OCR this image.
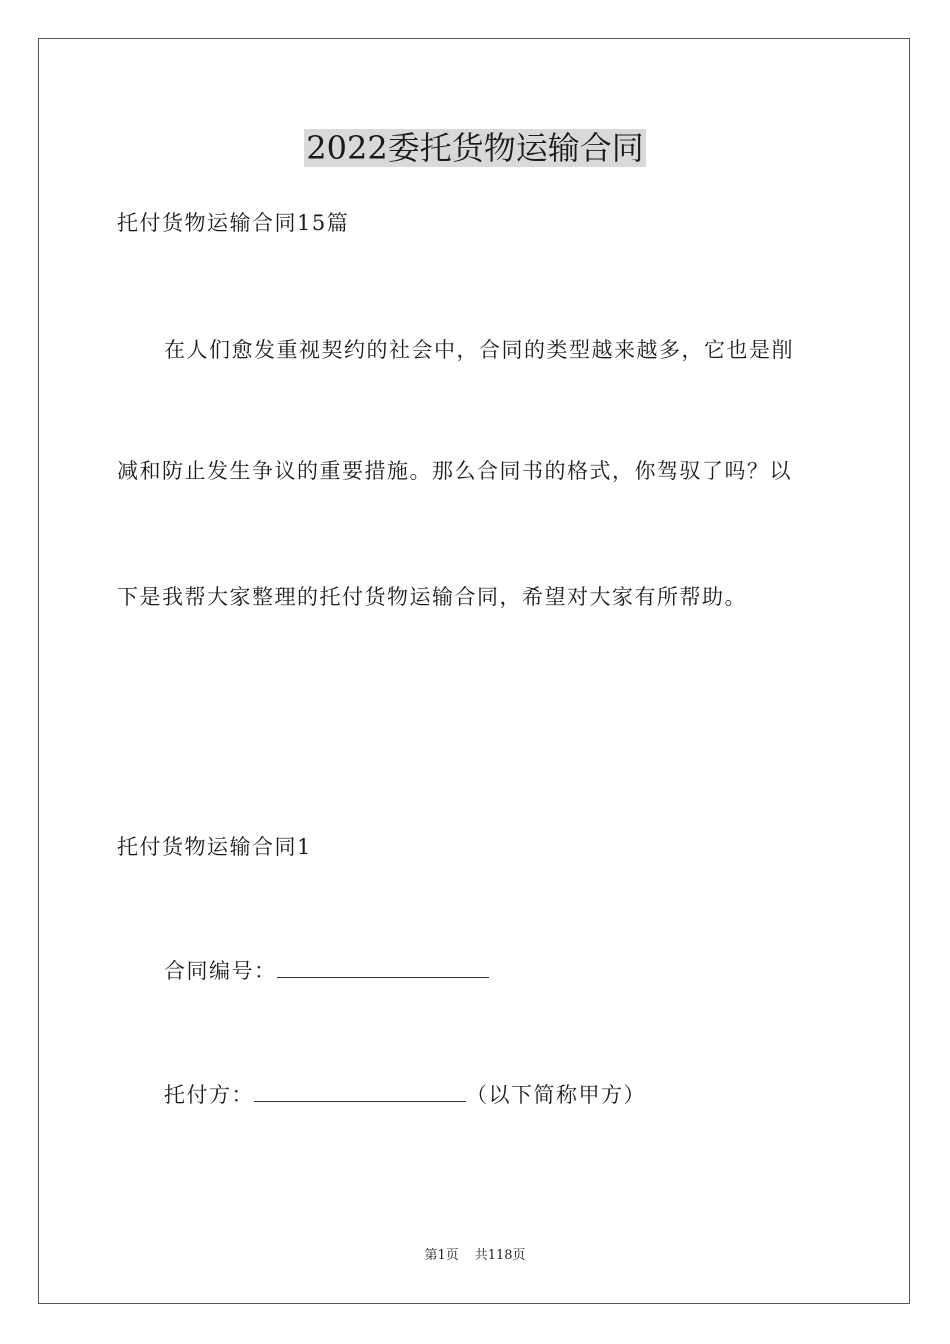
2022委托货物运输合同
托付货物运输合同15篇
在人们愈发重视契约的社会中，合同的类型越来越多，它也是削
减和防止发生争议的重要措施。那么合同书的格式，你驾驭了吗？以
下是我帮大家整理的托付货物运输合同，希望对大家有所帮助。
托付货物运输合同1
合同编号：
托付方：	（以下简称甲方）
第1页 共118页
